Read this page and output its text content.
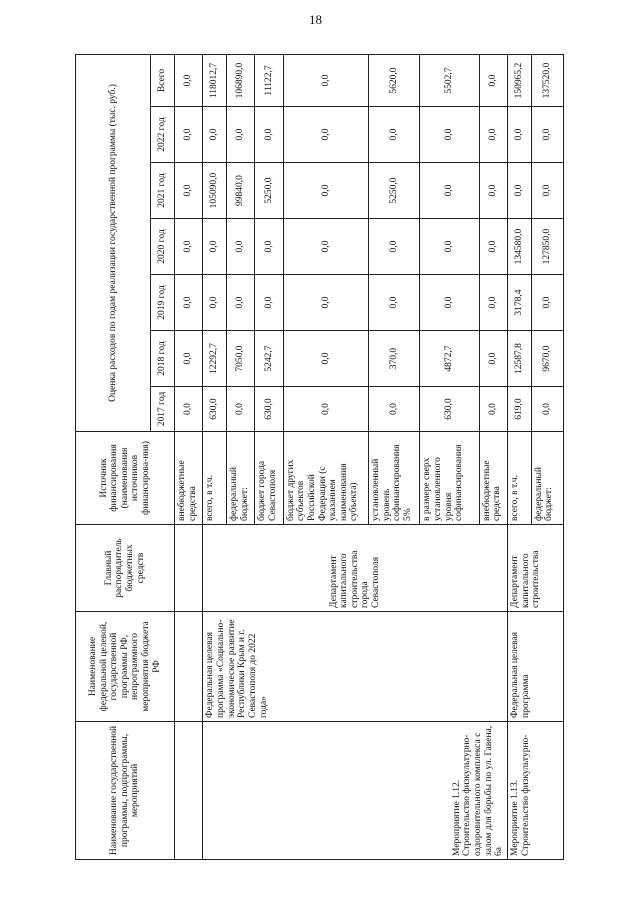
18
Наименование государственной программы, подпрограммы, мероприятий	Наименование федеральной целевой, государственной программы РФ, непрограммного мероприятия бюджета РФ	Главный распорядитель бюджетных средств	Источник финансирования (наименования источников финансирова-ния)	Оценка расходов по годам реализации государственной программы (тыс. руб.)						
				2017 год	2018 год	2019 год	2020 год	2021 год	2022 год	Всего
			внебюджетные средства	0,0	0,0	0,0	0,0	0,0	0,0	0,0
Мероприятие 1.12. Строительство физкультурно-оздоровительного комплекса с залом для борьбы по ул. Гавена, 6а	Федеральная целевая программа «Социально-экономическое развитие Республики Крым и г. Севастополя до 2022 года»	Департамент капитального строительства города Севастополя	всего, в т.ч.	630,0	12292,7	0,0	0,0	105090,0	0,0	118012,7
			федеральный бюджет:	0,0	7050,0	0,0	0,0	99840,0	0,0	106890,0
			бюджет города Севастополя	630,0	5242,7	0,0	0,0	5250,0	0,0	11122,7
			бюджет других субъектов Российской Федерации (с указанием наименования субъекта)	0,0	0,0	0,0	0,0	0,0	0,0	0,0
			установленный уровень софинансирования 5%	0,0	370,0	0,0	0,0	5250,0	0,0	5620,0
			в размере сверх установленного уровня софинансирования	630,0	4872,7	0,0	0,0	0,0	0,0	5502,7
			внебюджетные средства	0,0	0,0	0,0	0,0	0,0	0,0	0,0
Мероприятие 1.13. Строительство физкультурно-	Федеральная целевая программа	Департамент капитального строительства	всего, в т.ч.	619,0	12587,8	3178,4	134580,0	0,0	0,0	150965,2
			федеральный бюджет:	0,0	9670,0	0,0	127850,0	0,0	0,0	137520,0
